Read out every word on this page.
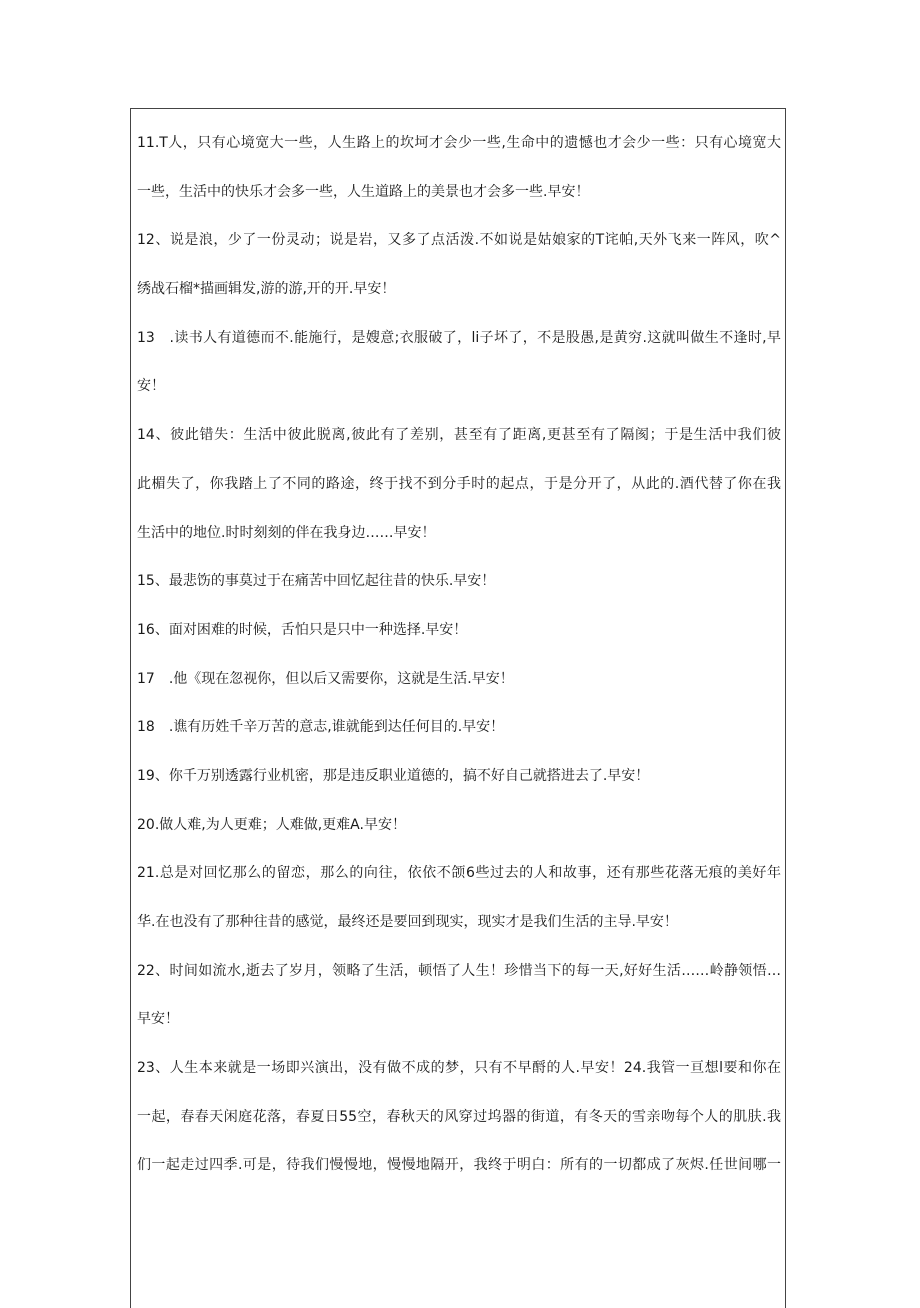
11.T人，只有心境宽大一些，人生路上的坎坷才会少一些,生命中的遗憾也才会少一些：只有心境宽大
一些，生活中的快乐才会多一些，人生道路上的美景也才会多一些.早安！
12、说是浪，少了一份灵动；说是岩，又多了点活泼.不如说是姑娘家的T诧帕,天外飞来一阵风，吹^
绣战石榴*描画辑发,游的游,开的开.早安！
13　.读书人有道德而不.能施行，是嫂意;衣服破了，li子坏了，不是股愚,是黄穷.这就叫做生不逢时,早
安！
14、彼此错失：生活中彼此脱离,彼此有了差别，甚至有了距离,更甚至有了隔阂；于是生活中我们彼
此楣失了，你我踏上了不同的路途，终于找不到分手时的起点，于是分开了，从此的.酒代替了你在我
生活中的地位.时时刻刻的伴在我身边……早安！
15、最悲饬的事莫过于在痛苦中回忆起往昔的快乐.早安！
16、面对困难的时候，舌怕只是只中一种选择.早安！
17　.他《现在忽视你，但以后又需要你，这就是生活.早安！
18　.谯有历姓千辛万苦的意志,谁就能到达任何目的.早安！
19、你千万别透露行业机密，那是违反职业道德的，搞不好自己就搭进去了.早安！
20.做人难,为人更难；人难做,更难A.早安！
21.总是对回忆那么的留恋，那么的向往，依依不颌6些过去的人和故事，还有那些花落无痕的美好年
华.在也没有了那种往昔的感觉，最终还是要回到现实，现实才是我们生活的主导.早安！
22、时间如流水,逝去了岁月，领略了生活，顿悟了人生！珍惜当下的每一天,好好生活……岭静领悟…
早安！
23、人生本来就是一场即兴演出，没有做不成的梦，只有不早酹的人.早安！24.我管一亘想l要和你在
一起，春春天闲庭花落，春夏日55空，春秋天的风穿过坞器的街道，有冬天的雪亲吻每个人的肌肤.我
们一起走过四季.可是，待我们慢慢地，慢慢地隔开，我终于明白：所有的一切都成了灰烬.任世间哪一
